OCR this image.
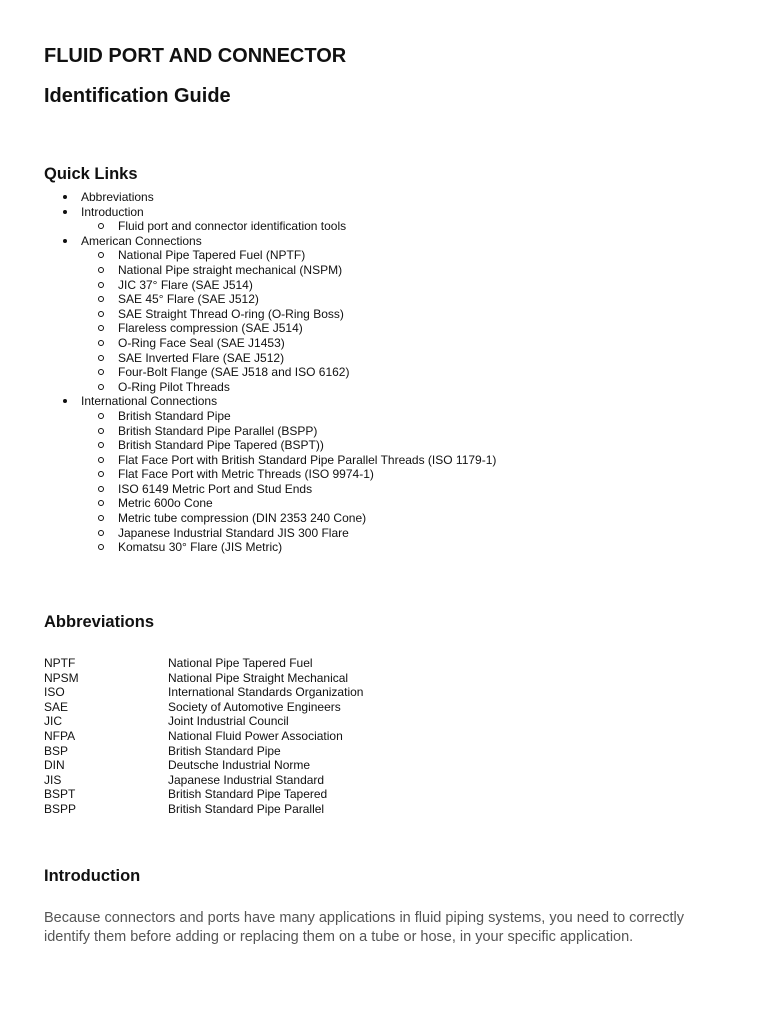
FLUID PORT AND CONNECTOR
Identification Guide
Quick Links
Abbreviations
Introduction
Fluid port and connector identification tools
American Connections
National Pipe Tapered Fuel (NPTF)
National Pipe straight mechanical (NSPM)
JIC 37° Flare (SAE J514)
SAE 45° Flare (SAE J512)
SAE Straight Thread O-ring (O-Ring Boss)
Flareless compression (SAE J514)
O-Ring Face Seal (SAE J1453)
SAE Inverted Flare (SAE J512)
Four-Bolt Flange (SAE J518 and ISO 6162)
O-Ring Pilot Threads
International Connections
British Standard Pipe
British Standard Pipe Parallel (BSPP)
British Standard Pipe Tapered (BSPT))
Flat Face Port with British Standard Pipe Parallel Threads (ISO 1179-1)
Flat Face Port with Metric Threads (ISO 9974-1)
ISO 6149 Metric Port and Stud Ends
Metric 600o Cone
Metric tube compression (DIN 2353 240 Cone)
Japanese Industrial Standard JIS 300 Flare
Komatsu 30° Flare (JIS Metric)
Abbreviations
NPTF	National Pipe Tapered Fuel
NPSM	National Pipe Straight Mechanical
ISO	International Standards Organization
SAE	Society of Automotive Engineers
JIC	Joint Industrial Council
NFPA	National Fluid Power Association
BSP	British Standard Pipe
DIN	Deutsche Industrial Norme
JIS	Japanese Industrial Standard
BSPT	British Standard Pipe Tapered
BSPP	British Standard Pipe Parallel
Introduction

Because connectors and ports have many applications in fluid piping systems, you need to correctly identify them before adding or replacing them on a tube or hose, in your specific application.
